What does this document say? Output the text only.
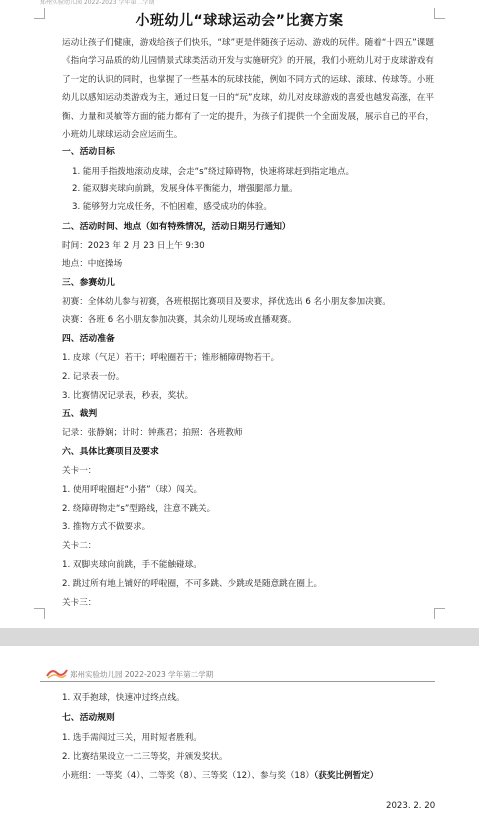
郑州实验幼儿园 2022-2023 学年第二学期
小班幼儿“球球运动会”比赛方案
运动让孩子们健康，游戏给孩子们快乐，“球”更是伴随孩子运动、游戏的玩伴。随着“十四五”课题《指向学习品质的幼儿园情景式球类活动开发与实施研究》的开展，我们小班幼儿对于皮球游戏有了一定的认识的同时，也掌握了一些基本的玩球技能，例如不同方式的运球、滚球、传球等。小班幼儿以感知运动类游戏为主，通过日复一日的“玩”皮球，幼儿对皮球游戏的喜爱也越发高涨，在平衡、力量和灵敏等方面的能力都有了一定的提升，为孩子们提供一个全面发展，展示自己的平台，小班幼儿球球运动会应运而生。
一、活动目标
1. 能用手指拨地滚动皮球，会走“s”绕过障碍物，快速将球赶到指定地点。
2. 能双脚夹球向前跳，发展身体平衡能力，增强腿部力量。
3. 能够努力完成任务，不怕困难，感受成功的体验。
二、活动时间、地点（如有特殊情况，活动日期另行通知）
时间：2023 年 2 月 23 日上午 9:30
地点：中庭操场
三、参赛幼儿
初赛：全体幼儿参与初赛，各班根据比赛项目及要求，择优选出 6 名小朋友参加决赛。
决赛：各班 6 名小朋友参加决赛，其余幼儿现场或直播观赛。
四、活动准备
1. 皮球（气足）若干；呼啦圈若干；锥形桶障碍物若干。
2. 记录表一份。
3. 比赛情况记录表，秒表，奖状。
五、裁判
记录：张静娴；计时：钟燕君；拍照：各班教师
六、具体比赛项目及要求
关卡一：
1. 使用呼啦圈赶“小猪”（球）闯关。
2. 绕障碍物走“s”型路线，注意不跳关。
3. 推物方式不做要求。
关卡二：
1. 双脚夹球向前跳，手不能触碰球。
2. 跳过所有地上铺好的呼啦圈，不可多跳、少跳或是随意跳在圈上。
关卡三：
郑州实验幼儿园 2022-2023 学年第二学期
1. 双手抱球，快速冲过终点线。
七、活动规则
1. 选手需闯过三关，用时短者胜利。
2. 比赛结果设立一二三等奖，并颁发奖状。
小班组：一等奖（4）、二等奖（8）、三等奖（12）、参与奖（18）（获奖比例暂定）
2023. 2. 20
